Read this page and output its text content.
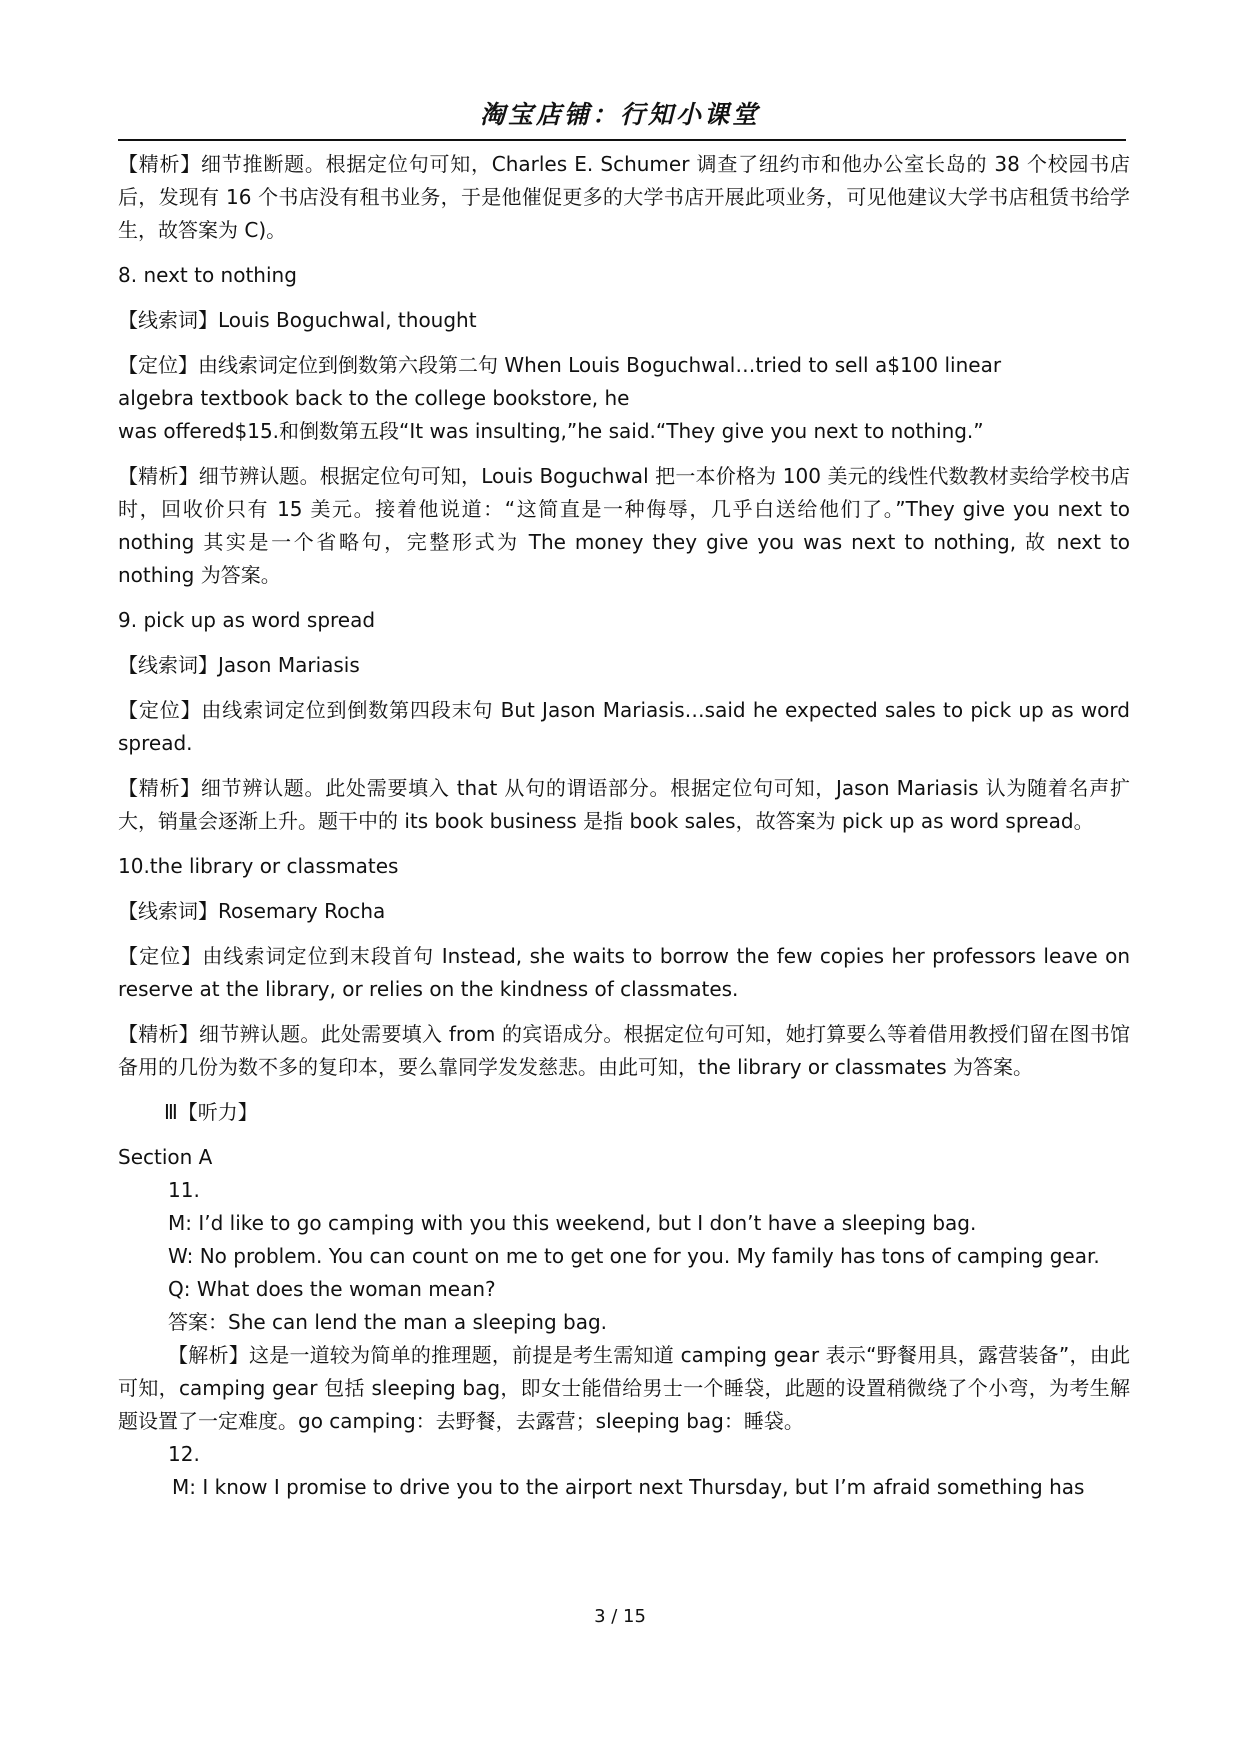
淘宝店铺：行知小课堂
【精析】细节推断题。根据定位句可知，Charles E. Schumer 调查了纽约市和他办公室长岛的 38 个校园书店后，发现有 16 个书店没有租书业务，于是他催促更多的大学书店开展此项业务，可见他建议大学书店租赁书给学生，故答案为 C)。
8. next to nothing
【线索词】Louis Boguchwal, thought
【定位】由线索词定位到倒数第六段第二句 When Louis Boguchwal…tried to sell a$100 linear
algebra textbook back to the college bookstore, he
was offered$15.和倒数第五段“It was insulting,”he said.“They give you next to nothing.”
【精析】细节辨认题。根据定位句可知，Louis Boguchwal 把一本价格为 100 美元的线性代数教材卖给学校书店时，回收价只有 15 美元。接着他说道：“这简直是一种侮辱，几乎白送给他们了。”They give you next to nothing 其实是一个省略句，完整形式为 The money they give you was next to nothing, 故 next to nothing 为答案。
9. pick up as word spread
【线索词】Jason Mariasis
【定位】由线索词定位到倒数第四段末句 But Jason Mariasis…said he expected sales to pick up as word spread.
【精析】细节辨认题。此处需要填入 that 从句的谓语部分。根据定位句可知，Jason Mariasis 认为随着名声扩大，销量会逐渐上升。题干中的 its book business 是指 book sales，故答案为 pick up as word spread。
10.the library or classmates
【线索词】Rosemary Rocha
【定位】由线索词定位到末段首句 Instead, she waits to borrow the few copies her professors leave on reserve at the library, or relies on the kindness of classmates.
【精析】细节辨认题。此处需要填入 from 的宾语成分。根据定位句可知，她打算要么等着借用教授们留在图书馆备用的几份为数不多的复印本，要么靠同学发发慈悲。由此可知，the library or classmates 为答案。
Ⅲ【听力】
Section A
11.
M: I’d like to go camping with you this weekend, but I don’t have a sleeping bag.
W: No problem. You can count on me to get one for you. My family has tons of camping gear.
Q: What does the woman mean?
答案：She can lend the man a sleeping bag.
【解析】这是一道较为简单的推理题，前提是考生需知道 camping gear 表示“野餐用具，露营装备”，由此可知，camping gear 包括 sleeping bag，即女士能借给男士一个睡袋，此题的设置稍微绕了个小弯，为考生解题设置了一定难度。go camping：去野餐，去露营；sleeping bag：睡袋。
12.
M: I know I promise to drive you to the airport next Thursday, but I’m afraid something has
3 / 15
